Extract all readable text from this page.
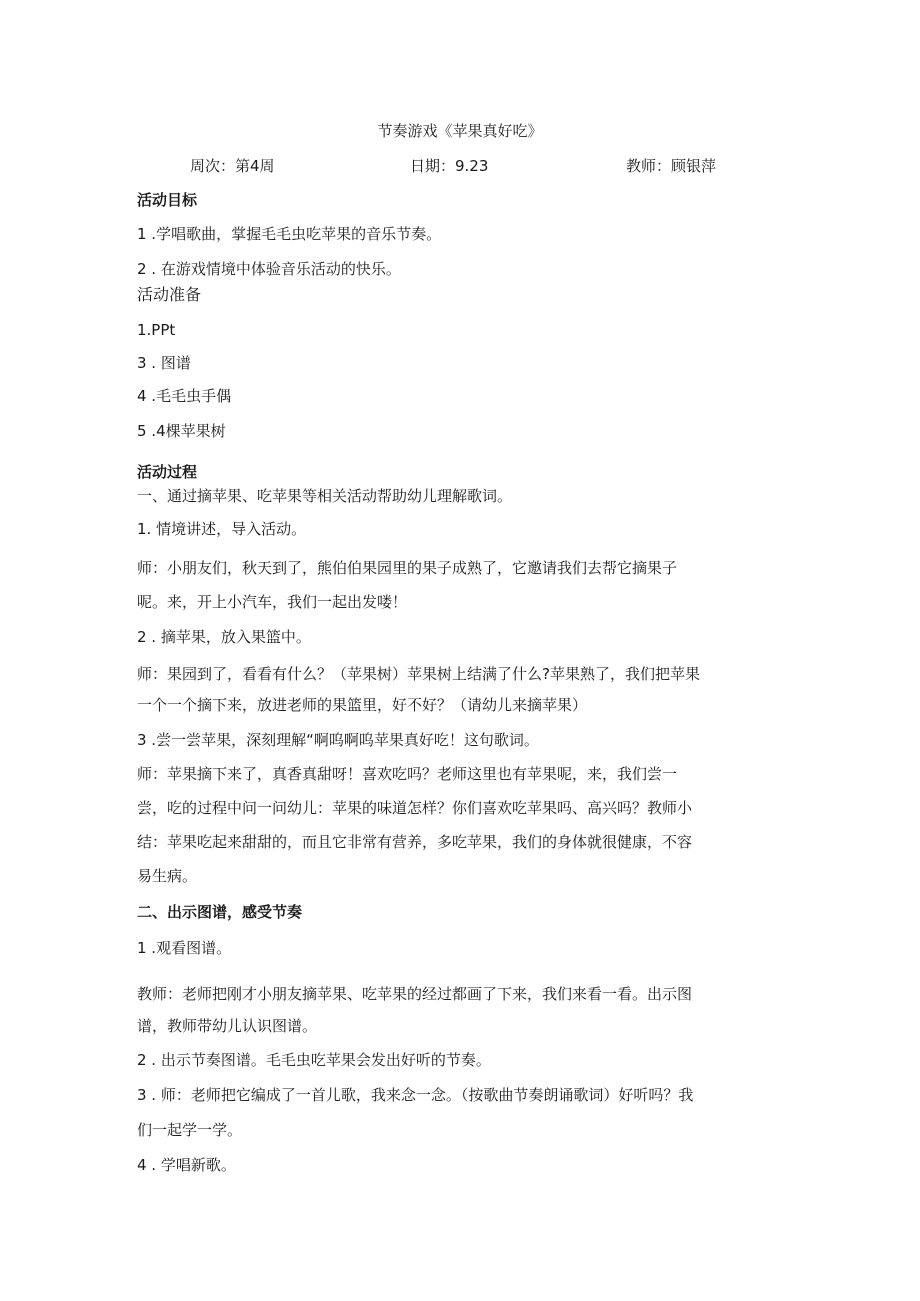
节奏游戏《苹果真好吃》
周次：第4周	日期：9.23	教师：顾银萍
活动目标
1 .学唱歌曲，掌握毛毛虫吃苹果的音乐节奏。
2 . 在游戏情境中体验音乐活动的快乐。
活动准备
1.PPt
3 . 图谱
4 .毛毛虫手偶
5 .4棵苹果树
活动过程
一、通过摘苹果、吃苹果等相关活动帮助幼儿理解歌词。
1. 情境讲述，导入活动。
师：小朋友们，秋天到了，熊伯伯果园里的果子成熟了，它邀请我们去帮它摘果子
呢。来，开上小汽车，我们一起出发喽！
2 . 摘苹果，放入果篮中。
师：果园到了，看看有什么？（苹果树）苹果树上结满了什么?苹果熟了，我们把苹果
一个一个摘下来，放进老师的果篮里，好不好？（请幼儿来摘苹果）
3 .尝一尝苹果，深刻理解“啊呜啊呜苹果真好吃！这句歌词。
师：苹果摘下来了，真香真甜呀！喜欢吃吗？老师这里也有苹果呢，来，我们尝一
尝，吃的过程中问一问幼儿：苹果的味道怎样？你们喜欢吃苹果吗、高兴吗？教师小
结：苹果吃起来甜甜的，而且它非常有营养，多吃苹果，我们的身体就很健康，不容
易生病。
二、出示图谱，感受节奏
1 .观看图谱。
教师：老师把刚才小朋友摘苹果、吃苹果的经过都画了下来，我们来看一看。出示图
谱，教师带幼儿认识图谱。
2 . 出示节奏图谱。毛毛虫吃苹果会发出好听的节奏。
3 . 师：老师把它编成了一首儿歌，我来念一念。（按歌曲节奏朗诵歌词）好听吗？我
们一起学一学。
4 . 学唱新歌。
